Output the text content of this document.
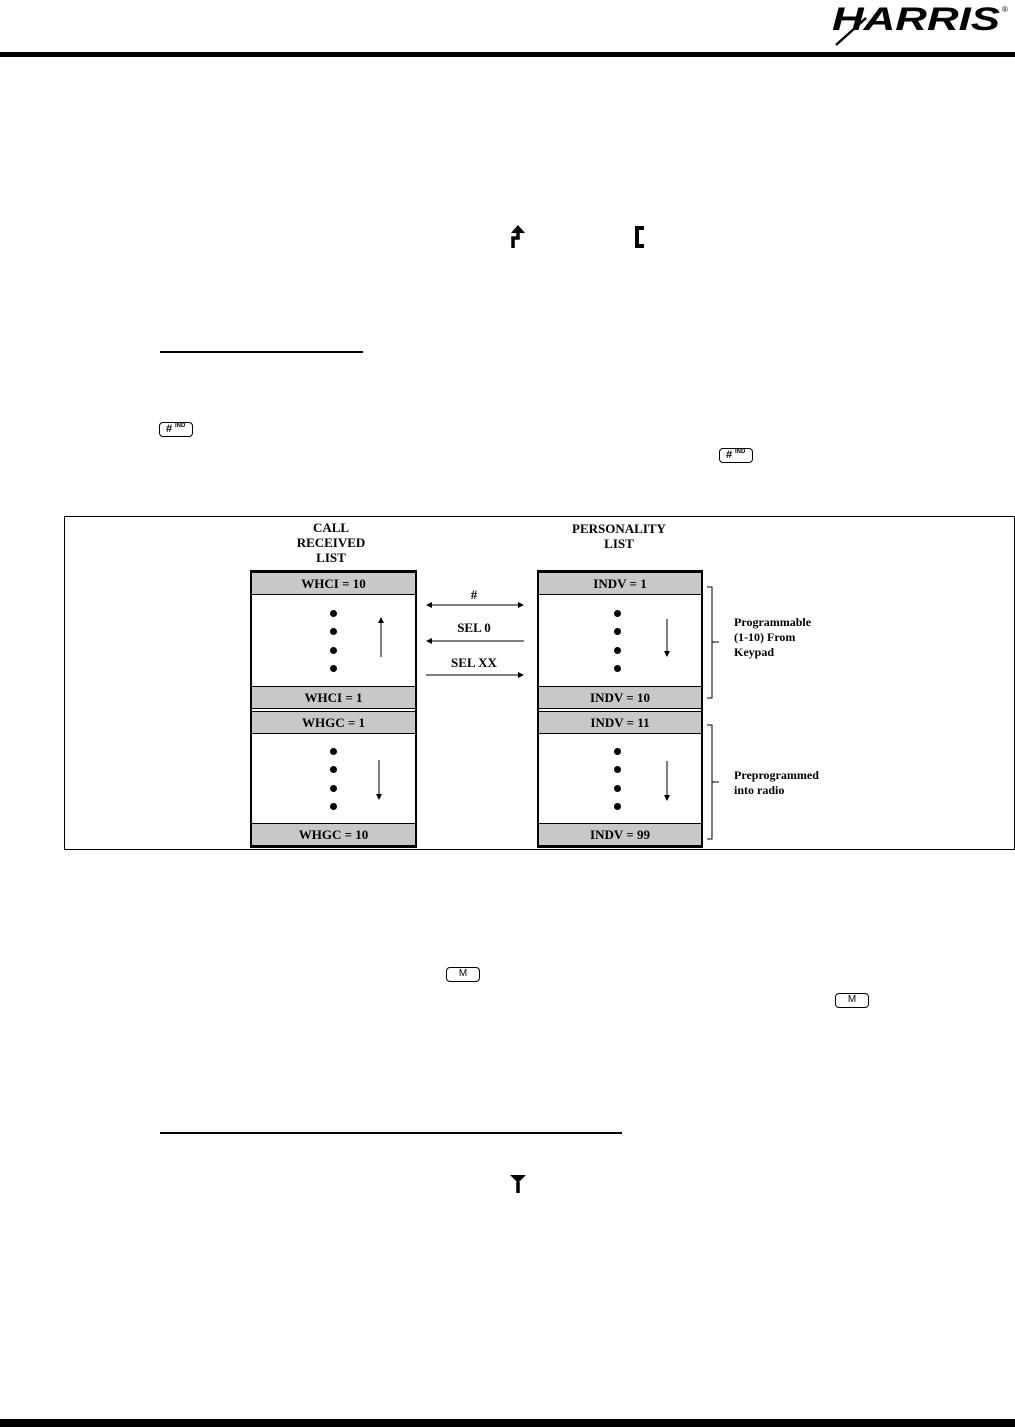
HARRIS ®
# IND
# IND
CALL
RECEIVED
LIST
PERSONALITY
LIST
WHCI = 10
WHCI = 1
WHGC = 1
WHGC = 10
#
SEL 0
SEL XX
INDV = 1
INDV = 10
INDV = 11
INDV = 99
Programmable
(1-10) From
Keypad
Preprogrammed
into radio
M
M
